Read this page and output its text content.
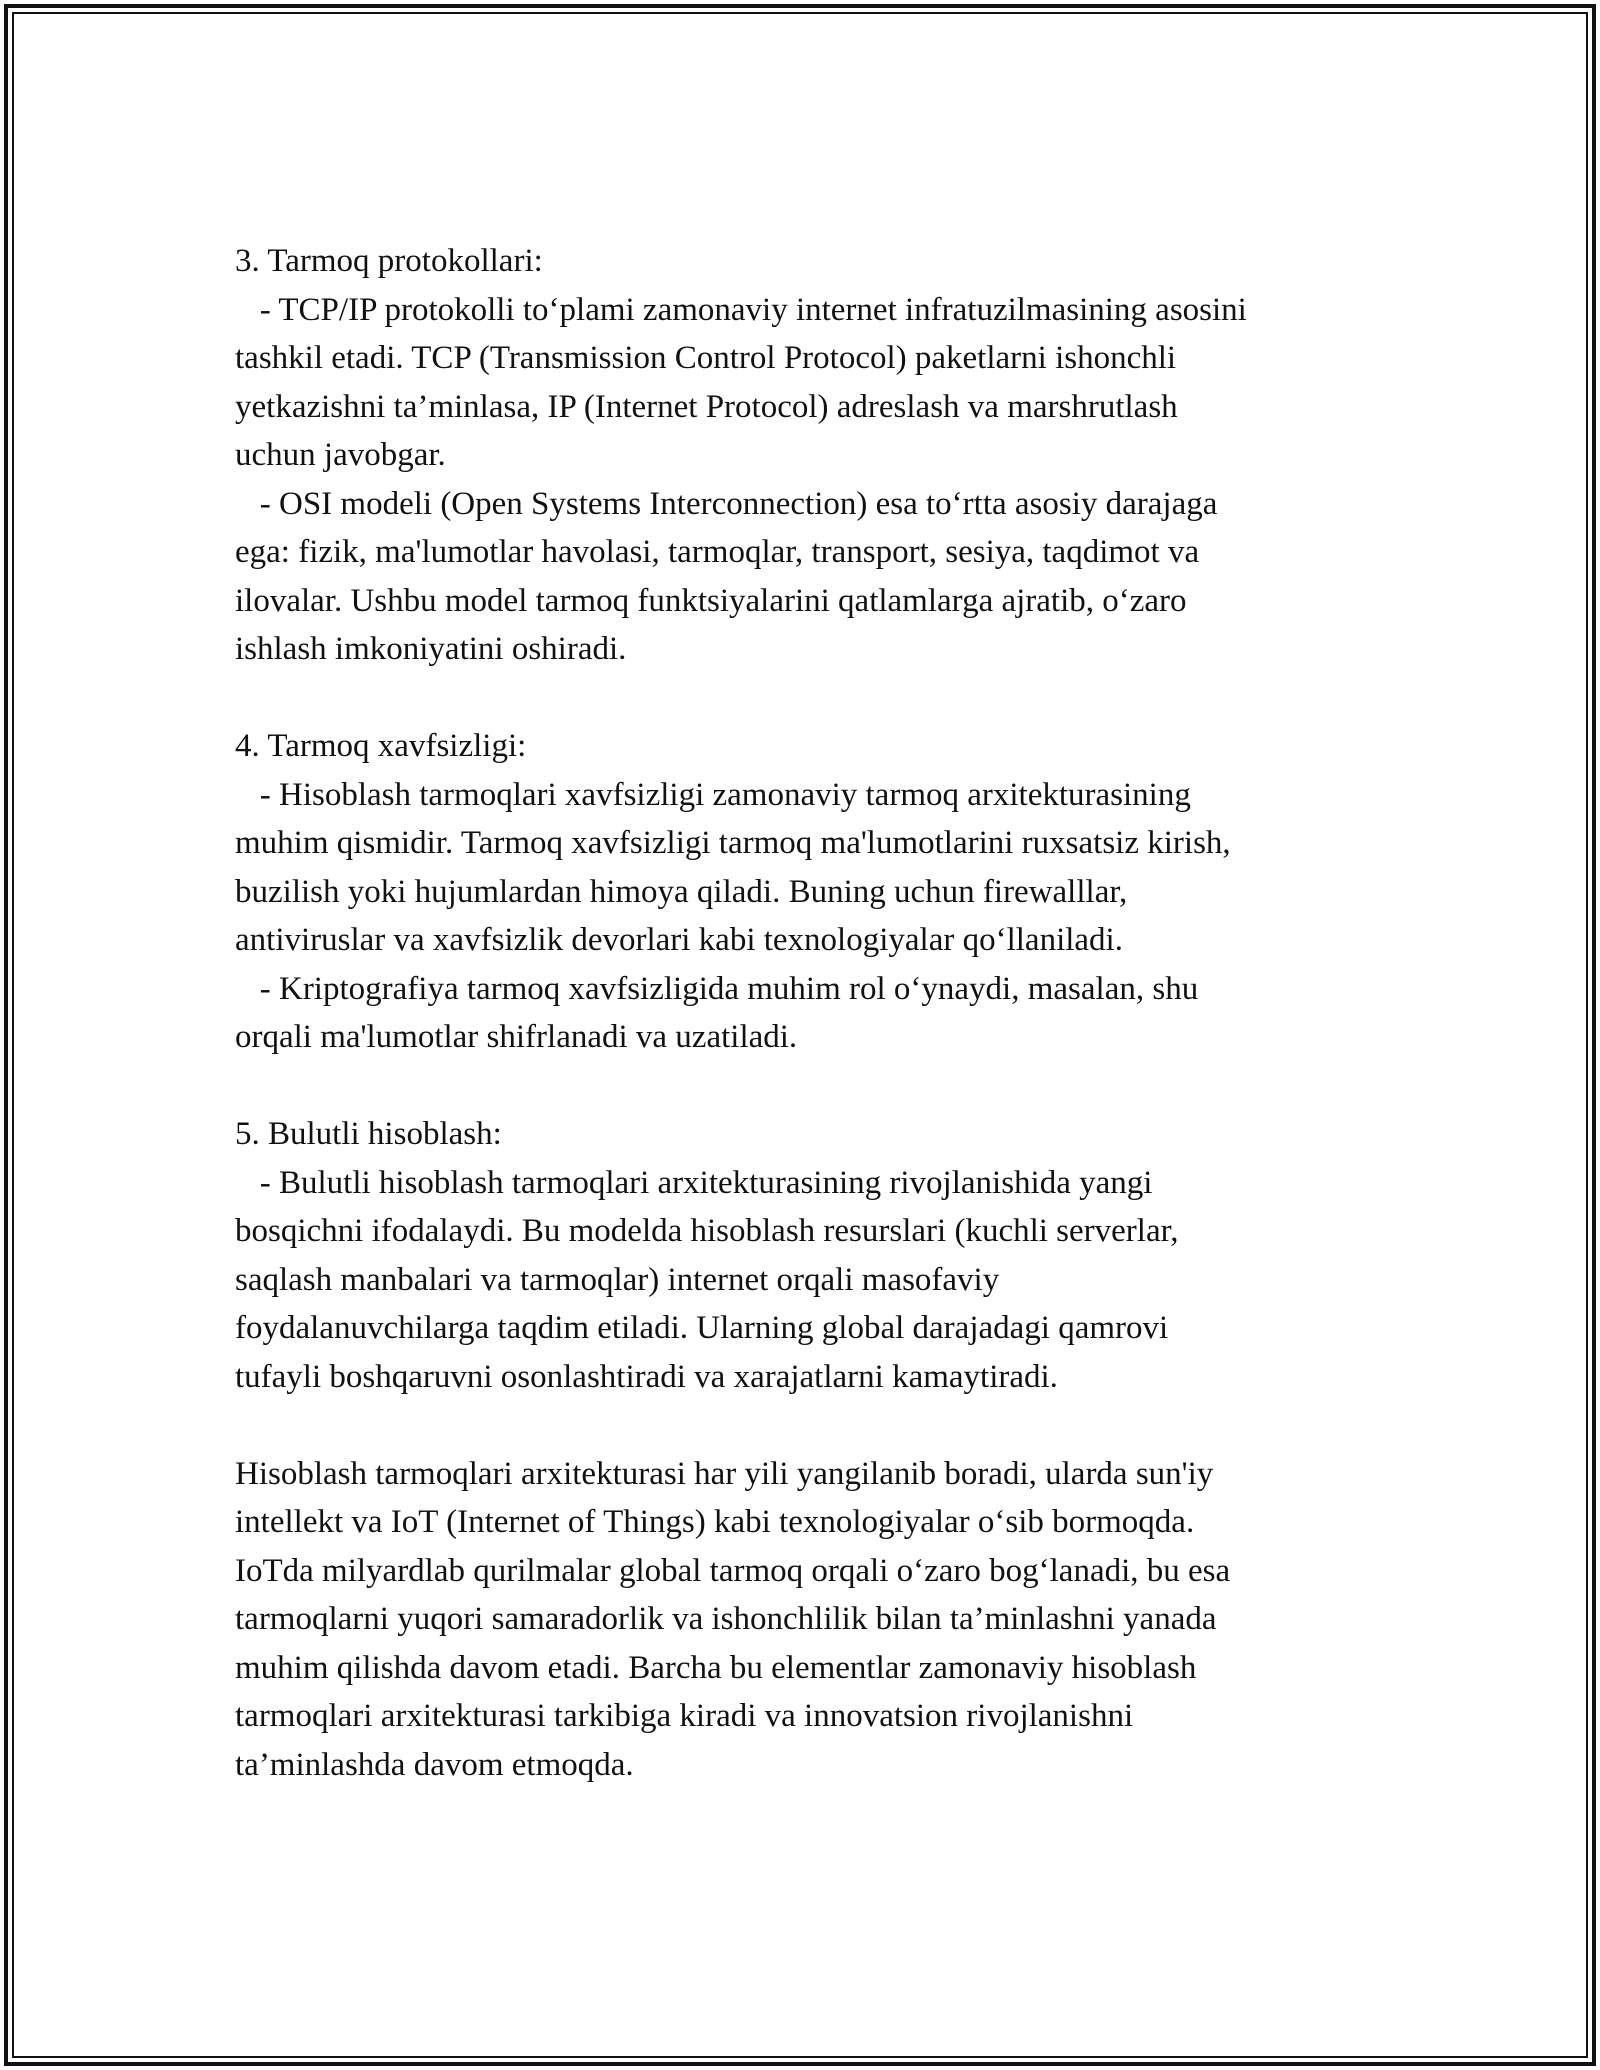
3. Tarmoq protokollari:
- TCP/IP protokolli to‘plami zamonaviy internet infratuzilmasining asosini
tashkil etadi. TCP (Transmission Control Protocol) paketlarni ishonchli
yetkazishni ta’minlasa, IP (Internet Protocol) adreslash va marshrutlash
uchun javobgar.
- OSI modeli (Open Systems Interconnection) esa to‘rtta asosiy darajaga
ega: fizik, ma'lumotlar havolasi, tarmoqlar, transport, sesiya, taqdimot va
ilovalar. Ushbu model tarmoq funktsiyalarini qatlamlarga ajratib, o‘zaro
ishlash imkoniyatini oshiradi.
4. Tarmoq xavfsizligi:
- Hisoblash tarmoqlari xavfsizligi zamonaviy tarmoq arxitekturasining
muhim qismidir. Tarmoq xavfsizligi tarmoq ma'lumotlarini ruxsatsiz kirish,
buzilish yoki hujumlardan himoya qiladi. Buning uchun firewalllar,
antiviruslar va xavfsizlik devorlari kabi texnologiyalar qo‘llaniladi.
- Kriptografiya tarmoq xavfsizligida muhim rol o‘ynaydi, masalan, shu
orqali ma'lumotlar shifrlanadi va uzatiladi.
5. Bulutli hisoblash:
- Bulutli hisoblash tarmoqlari arxitekturasining rivojlanishida yangi
bosqichni ifodalaydi. Bu modelda hisoblash resurslari (kuchli serverlar,
saqlash manbalari va tarmoqlar) internet orqali masofaviy
foydalanuvchilarga taqdim etiladi. Ularning global darajadagi qamrovi
tufayli boshqaruvni osonlashtiradi va xarajatlarni kamaytiradi.
Hisoblash tarmoqlari arxitekturasi har yili yangilanib boradi, ularda sun'iy
intellekt va IoT (Internet of Things) kabi texnologiyalar o‘sib bormoqda.
IoTda milyardlab qurilmalar global tarmoq orqali o‘zaro bog‘lanadi, bu esa
tarmoqlarni yuqori samaradorlik va ishonchlilik bilan ta’minlashni yanada
muhim qilishda davom etadi. Barcha bu elementlar zamonaviy hisoblash
tarmoqlari arxitekturasi tarkibiga kiradi va innovatsion rivojlanishni
ta’minlashda davom etmoqda.
